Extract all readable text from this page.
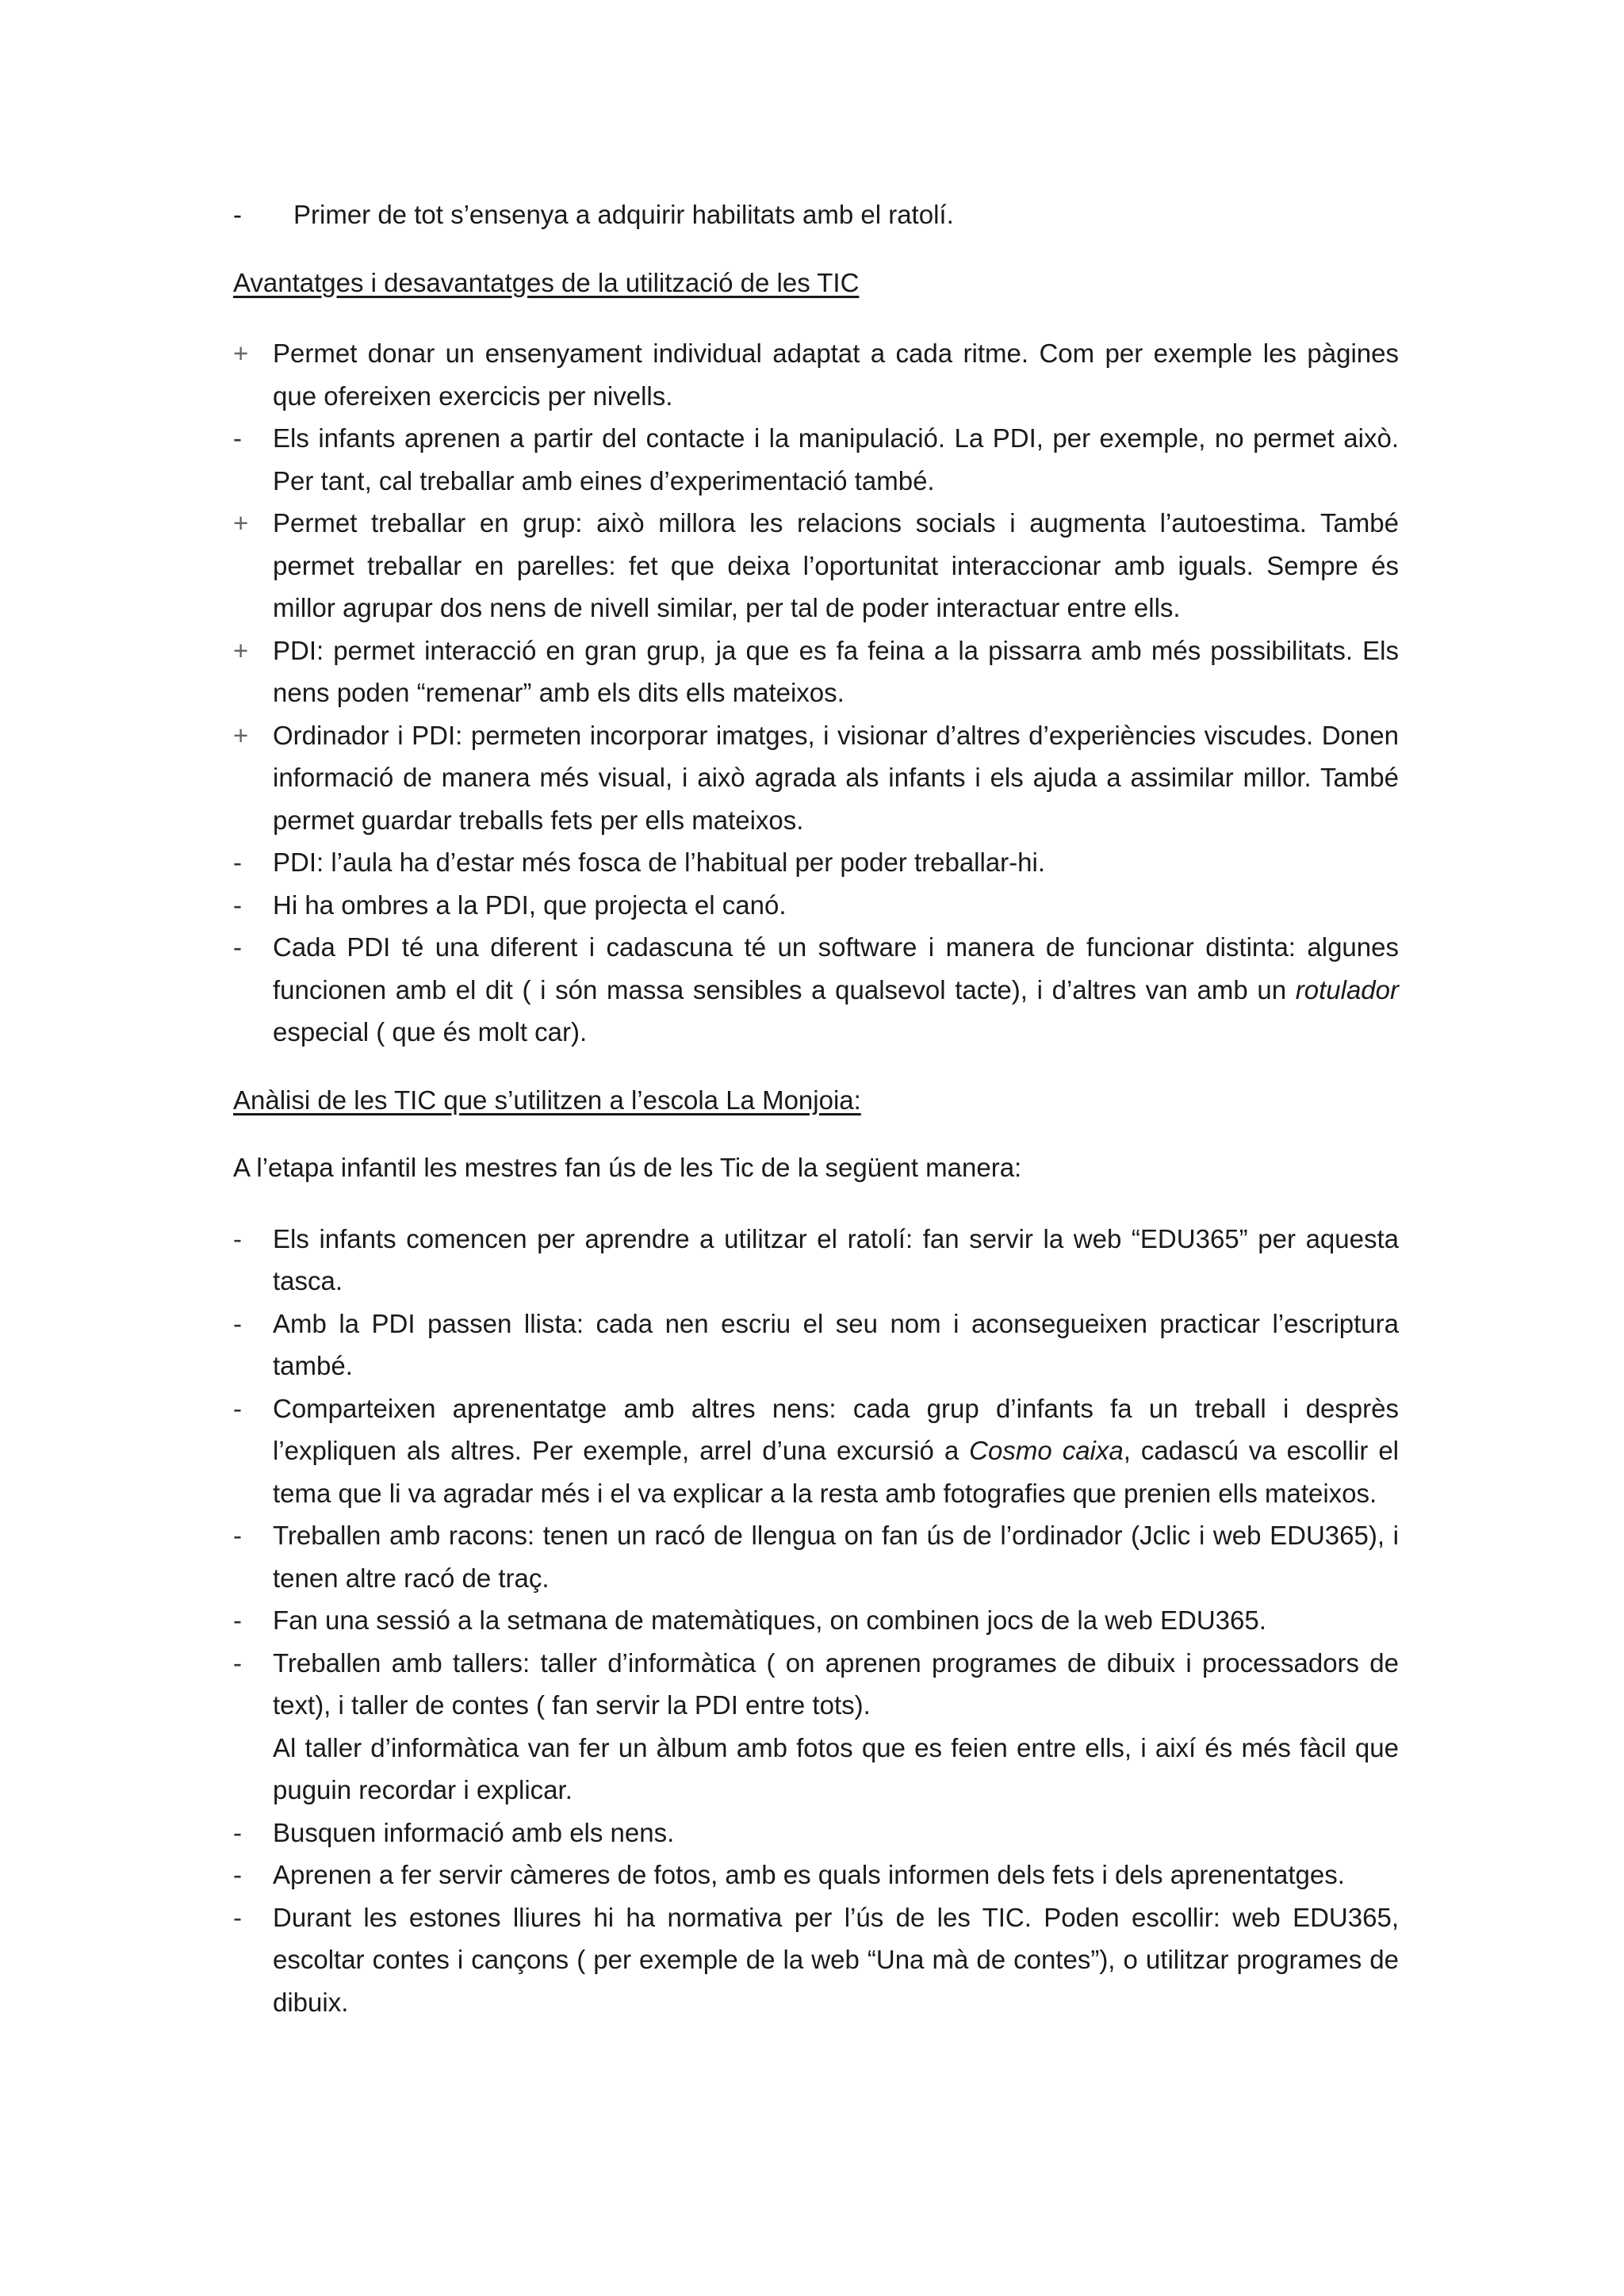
- Primer de tot s’ensenya a adquirir habilitats amb el ratolí.

Avantatges i desavantatges de la utilització de les TIC

+ Permet donar un ensenyament individual adaptat a cada ritme. Com per exemple les pàgines que ofereixen exercicis per nivells.
-	Els infants aprenen a partir del contacte i la manipulació. La PDI, per exemple, no permet això. Per tant, cal treballar amb eines d’experimentació també.
+ Permet treballar en grup: això millora les relacions socials i augmenta l’autoestima. També permet treballar en parelles: fet que deixa l’oportunitat interaccionar amb iguals. Sempre és millor agrupar dos nens de nivell similar, per tal de poder interactuar entre ells.
+ PDI: permet interacció en gran grup, ja que es fa feina a la pissarra amb més possibilitats. Els nens poden “remenar” amb els dits ells mateixos.
+ Ordinador i PDI: permeten incorporar imatges, i visionar d’altres d’experiències viscudes. Donen informació de manera més visual, i això agrada als infants i els ajuda a assimilar millor. També permet guardar treballs fets per ells mateixos.
-	PDI: l’aula ha d’estar més fosca de l’habitual per poder treballar-hi.
-	Hi ha ombres a la PDI, que projecta el canó.
-	Cada PDI té una diferent i cadascuna té un software i manera de funcionar distinta: algunes funcionen amb el dit ( i són massa sensibles a qualsevol tacte), i d’altres van amb un rotulador especial ( que és molt car).

Anàlisi de les TIC que s’utilitzen a l’escola La Monjoia:

A l’etapa infantil les mestres fan ús de les Tic de la següent manera:

-	Els infants comencen per aprendre a utilitzar el ratolí: fan servir la web “EDU365” per aquesta tasca.
-	Amb la PDI passen llista: cada nen escriu el seu nom i aconsegueixen practicar l’escriptura també.
-	Comparteixen aprenentatge amb altres nens: cada grup d’infants fa un treball i desprès l’expliquen als altres. Per exemple, arrel d’una excursió a Cosmo caixa, cadascú va escollir el tema que li va agradar més i el va explicar a la resta amb fotografies que prenien ells mateixos.
-	Treballen amb racons: tenen un racó de llengua on fan ús de l’ordinador (Jclic i web EDU365), i tenen altre racó de traç.
-	Fan una sessió a la setmana de matemàtiques, on combinen jocs de la web EDU365.
-	Treballen amb tallers: taller d’informàtica ( on aprenen programes de dibuix i processadors de text), i taller de contes ( fan servir la PDI entre tots).
Al taller d’informàtica van fer un àlbum amb fotos que es feien entre ells, i així és més fàcil que puguin recordar i explicar.
-	Busquen informació amb els nens.
-	Aprenen a fer servir càmeres de fotos, amb es quals informen dels fets i dels aprenentatges.
-	Durant les estones lliures hi ha normativa per l’ús de les TIC. Poden escollir: web EDU365, escoltar contes i cançons ( per exemple de la web “Una mà de contes”), o utilitzar programes de dibuix.
